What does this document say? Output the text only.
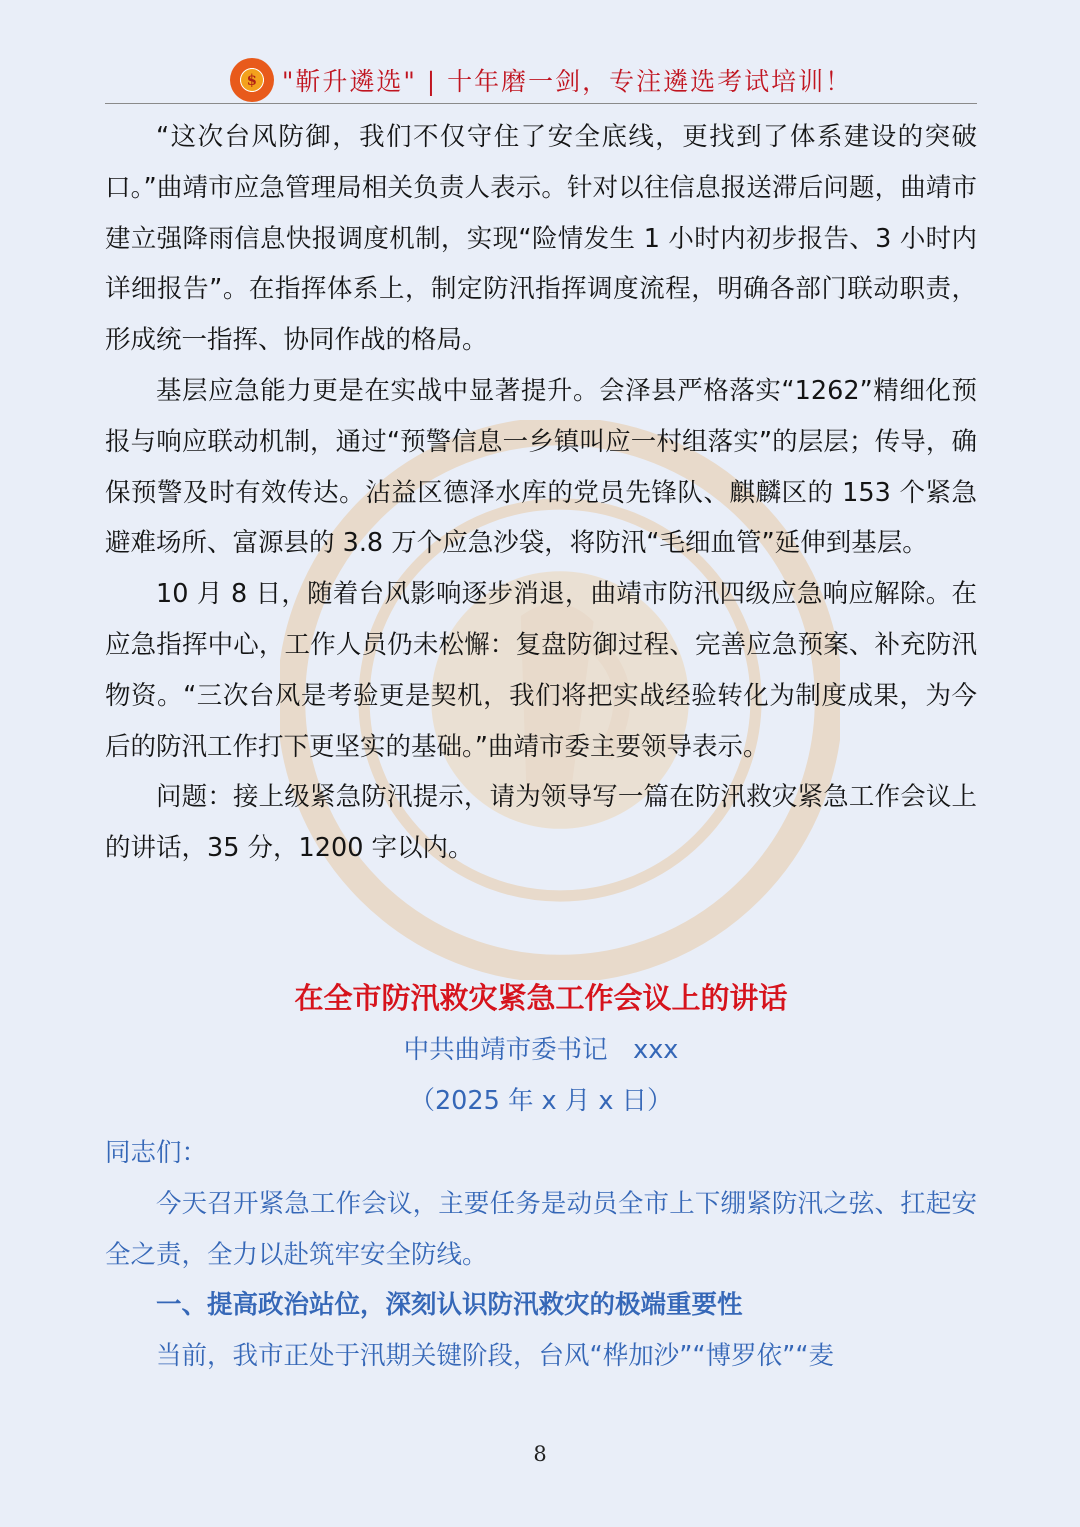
$ "靳升遴选" | 十年磨一剑，专注遴选考试培训！

“这次台风防御，我们不仅守住了安全底线，更找到了体系建设的突破口。”曲靖市应急管理局相关负责人表示。针对以往信息报送滞后问题，曲靖市建立强降雨信息快报调度机制，实现“险情发生 1 小时内初步报告、3 小时内详细报告”。在指挥体系上，制定防汛指挥调度流程，明确各部门联动职责，形成统一指挥、协同作战的格局。

基层应急能力更是在实战中显著提升。会泽县严格落实“1262”精细化预报与响应联动机制，通过“预警信息一乡镇叫应一村组落实”的层层；传导，确保预警及时有效传达。沾益区德泽水库的党员先锋队、麒麟区的 153 个紧急避难场所、富源县的 3.8 万个应急沙袋，将防汛“毛细血管”延伸到基层。

10 月 8 日，随着台风影响逐步消退，曲靖市防汛四级应急响应解除。在应急指挥中心，工作人员仍未松懈：复盘防御过程、完善应急预案、补充防汛物资。“三次台风是考验更是契机，我们将把实战经验转化为制度成果，为今后的防汛工作打下更坚实的基础。”曲靖市委主要领导表示。

问题：接上级紧急防汛提示，请为领导写一篇在防汛救灾紧急工作会议上的讲话，35 分，1200 字以内。

在全市防汛救灾紧急工作会议上的讲话
中共曲靖市委书记　xxx
（2025 年 x 月 x 日）

同志们：

今天召开紧急工作会议，主要任务是动员全市上下绷紧防汛之弦、扛起安全之责，全力以赴筑牢安全防线。

一、提高政治站位，深刻认识防汛救灾的极端重要性

当前，我市正处于汛期关键阶段，台风“桦加沙”“博罗依”“麦

8
